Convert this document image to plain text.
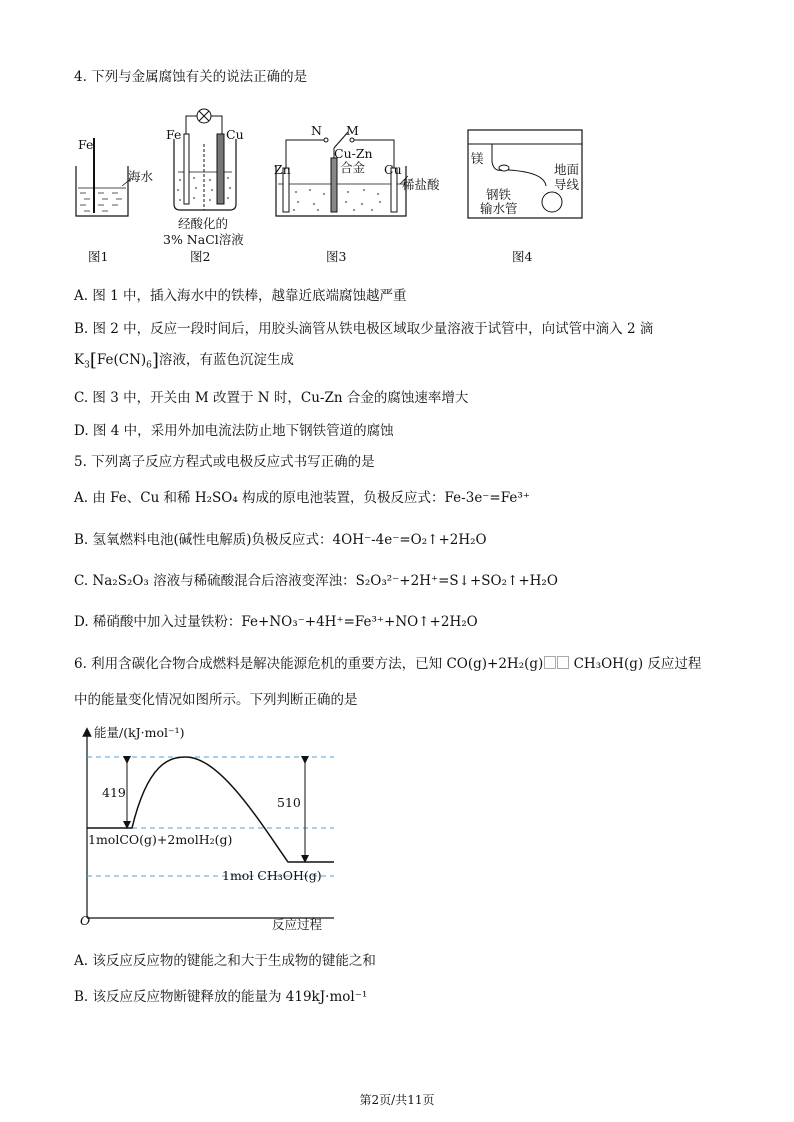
4. 下列与金属腐蚀有关的说法正确的是
Fe
海水
图1
Fe	Cu
经酸化的
3% NaCl溶液
图2
N M
Cu-Zn
合金
Zn	Cu
稀盐酸
图3
镁
地面
导线
钢铁
输水管
图4
A. 图 1 中，插入海水中的铁棒，越靠近底端腐蚀越严重
B. 图 2 中，反应一段时间后，用胶头滴管从铁电极区域取少量溶液于试管中，向试管中滴入 2 滴
$K_3[Fe(CN)_6]$溶液，有蓝色沉淀生成
C. 图 3 中，开关由 M 改置于 N 时，Cu-Zn 合金的腐蚀速率增大
D. 图 4 中，采用外加电流法防止地下钢铁管道的腐蚀
5. 下列离子反应方程式或电极反应式书写正确的是
A. 由 Fe、Cu 和稀 H₂SO₄ 构成的原电池装置，负极反应式：Fe-3e⁻=Fe³⁺
B. 氢氧燃料电池(碱性电解质)负极反应式：4OH⁻-4e⁻=O₂↑+2H₂O
C. Na₂S₂O₃ 溶液与稀硫酸混合后溶液变浑浊：S₂O₃²⁻+2H⁺=S↓+SO₂↑+H₂O
D. 稀硝酸中加入过量铁粉：Fe+NO₃⁻+4H⁺=Fe³⁺+NO↑+2H₂O
6. 利用含碳化合物合成燃料是解决能源危机的重要方法，已知 CO(g)+2H₂(g) CH₃OH(g) 反应过程
中的能量变化情况如图所示。下列判断正确的是
能量/(kJ·mol⁻¹)
419
510
1molCO(g)+2molH₂(g)
1mol CH₃OH(g)
O	反应过程
A. 该反应反应物的键能之和大于生成物的键能之和
B. 该反应反应物断键释放的能量为 419kJ·mol⁻¹
第2页/共11页
